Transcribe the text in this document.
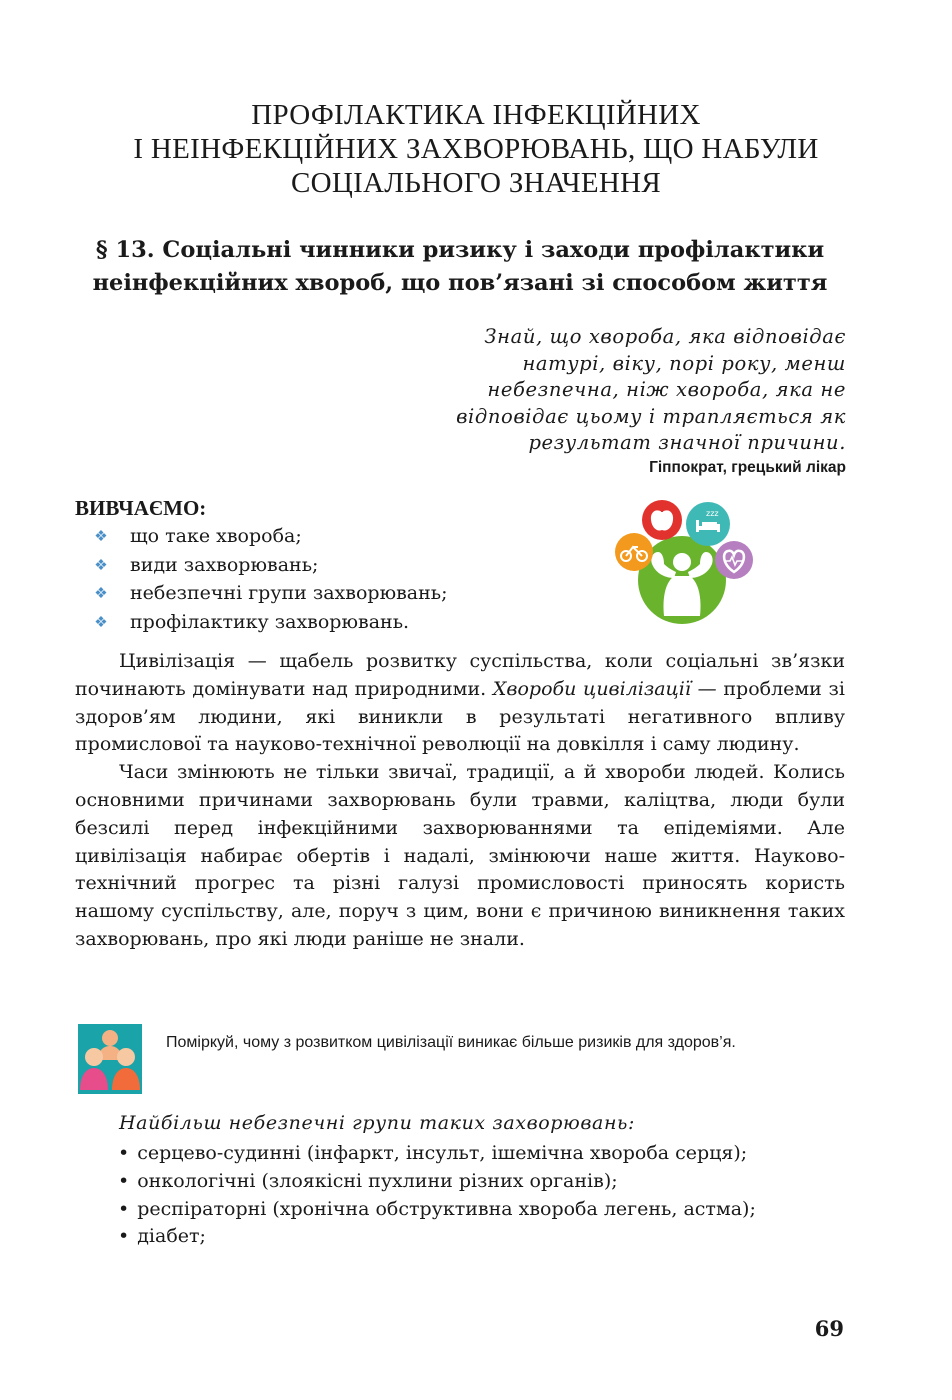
ПРОФІЛАКТИКА ІНФЕКЦІЙНИХ
І НЕІНФЕКЦІЙНИХ ЗАХВОРЮВАНЬ, ЩО НАБУЛИ
СОЦІАЛЬНОГО ЗНАЧЕННЯ
§ 13. Соціальні чинники ризику і заходи профілактики
неінфекційних хвороб, що пов’язані зі способом життя
Знай, що хвороба, яка відповідає
натурі, віку, порі року, менш
небезпечна, ніж хвороба, яка не
відповідає цьому і трапляється як
результат значної причини.
Гіппократ, грецький лікар
ВИВЧАЄМО:
❖ що таке хвороба;
❖ види захворювань;
❖ небезпечні групи захворювань;
❖ профілактику захворювань.
zzz

Цивілізація — щабель розвитку суспільства, коли соціальні зв’язки починають домінувати над природними. Хвороби цивілізації — проблеми зі здоров’ям людини, які виникли в результаті негативного впливу промислової та науково-технічної революції на довкілля і саму людину.

Часи змінюють не тільки звичаї, традиції, а й хвороби людей. Колись основними причинами захворювань були травми, каліцтва, люди були безсилі перед інфекційними захворюваннями та епідеміями. Але цивілізація набирає обертів і надалі, змінюючи наше життя. Науково-технічний прогрес та різні галузі промисловості приносять користь нашому суспільству, але, поруч з цим, вони є причиною виникнення таких захворювань, про які люди раніше не знали.

Поміркуй, чому з розвитком цивілізації виникає більше ризиків для здоров’я.
Найбільш небезпечні групи таких захворювань:
• серцево-судинні (інфаркт, інсульт, ішемічна хвороба серця);
• онкологічні (злоякісні пухлини різних органів);
• респіраторні (хронічна обструктивна хвороба легень, астма);
• діабет;
69
